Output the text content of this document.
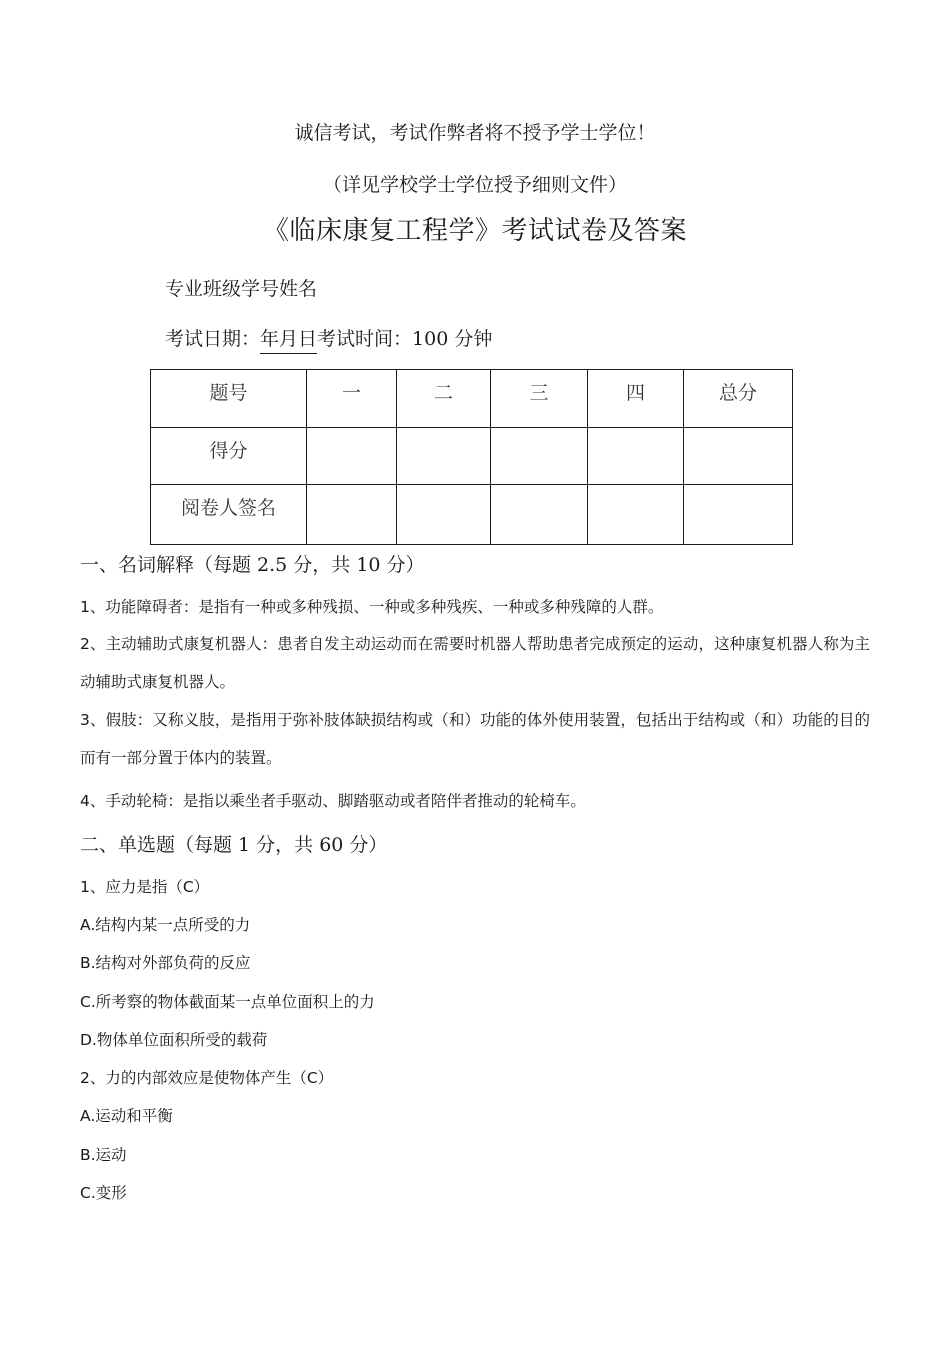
诚信考试，考试作弊者将不授予学士学位！
（详见学校学士学位授予细则文件）
《临床康复工程学》考试试卷及答案
专业班级学号姓名
考试日期：年月日考试时间：100 分钟
题号	一	二	三	四	总分
得分					
阅卷人签名					
一、名词解释（每题 2.5 分，共 10 分）
1、功能障碍者：是指有一种或多种残损、一种或多种残疾、一种或多种残障的人群。
2、主动辅助式康复机器人：患者自发主动运动而在需要时机器人帮助患者完成预定的运动，这种康复机器人称为主动辅助式康复机器人。
3、假肢：又称义肢，是指用于弥补肢体缺损结构或（和）功能的体外使用装置，包括出于结构或（和）功能的目的而有一部分置于体内的装置。
4、手动轮椅：是指以乘坐者手驱动、脚踏驱动或者陪伴者推动的轮椅车。
二、单选题（每题 1 分，共 60 分）
1、应力是指（C）
A.结构内某一点所受的力
B.结构对外部负荷的反应
C.所考察的物体截面某一点单位面积上的力
D.物体单位面积所受的载荷
2、力的内部效应是使物体产生（C）
A.运动和平衡
B.运动
C.变形
